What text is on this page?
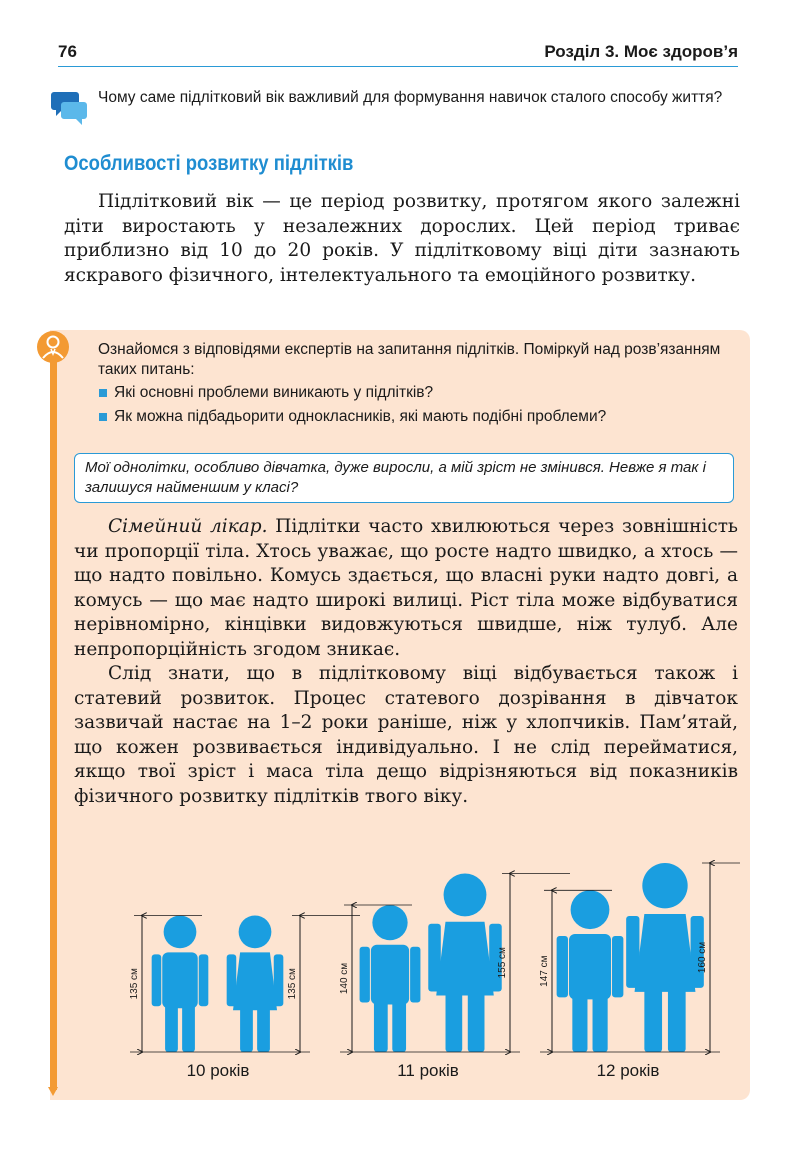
76	Розділ 3. Моє здоров’я
Чому саме підлітковий вік важливий для формування навичок сталого способу життя?
Особливості розвитку підлітків
Підлітковий вік — це період розвитку, протягом якого залежні діти виростають у незалежних дорослих. Цей період триває приблизно від 10 до 20 років. У підлітковому віці діти зазнають яскравого фізичного, інтелектуального та емоційного розвитку.
Ознайомся з відповідями експертів на запитання підлітків. Поміркуй над розв’язанням таких питань:
Які основні проблеми виникають у підлітків?
Як можна підбадьорити однокласників, які мають подібні проблеми?
Мої однолітки, особливо дівчатка, дуже виросли, а мій зріст не змінився. Невже я так і залишуся найменшим у класі?

Сімейний лікар. Підлітки часто хвилюються через зовнішність чи пропорції тіла. Хтось уважає, що росте надто швидко, а хтось — що надто повільно. Комусь здається, що власні руки надто довгі, а комусь — що має надто широкі вилиці. Ріст тіла може відбуватися нерівномірно, кінцівки видовжуються швидше, ніж тулуб. Але непропорційність згодом зникає.

Слід знати, що в підлітковому віці відбувається також і статевий розвиток. Процес статевого дозрівання в дівчаток зазвичай настає на 1–2 роки раніше, ніж у хлопчиків. Пам’ятай, що кожен розвивається індивідуально. І не слід перейматися, якщо твої зріст і маса тіла дещо відрізняються від показників фізичного розвитку підлітків твого віку.

135 см	135 см
10 років
140 см
155 см
11 років
147 см	160 см
12 років
